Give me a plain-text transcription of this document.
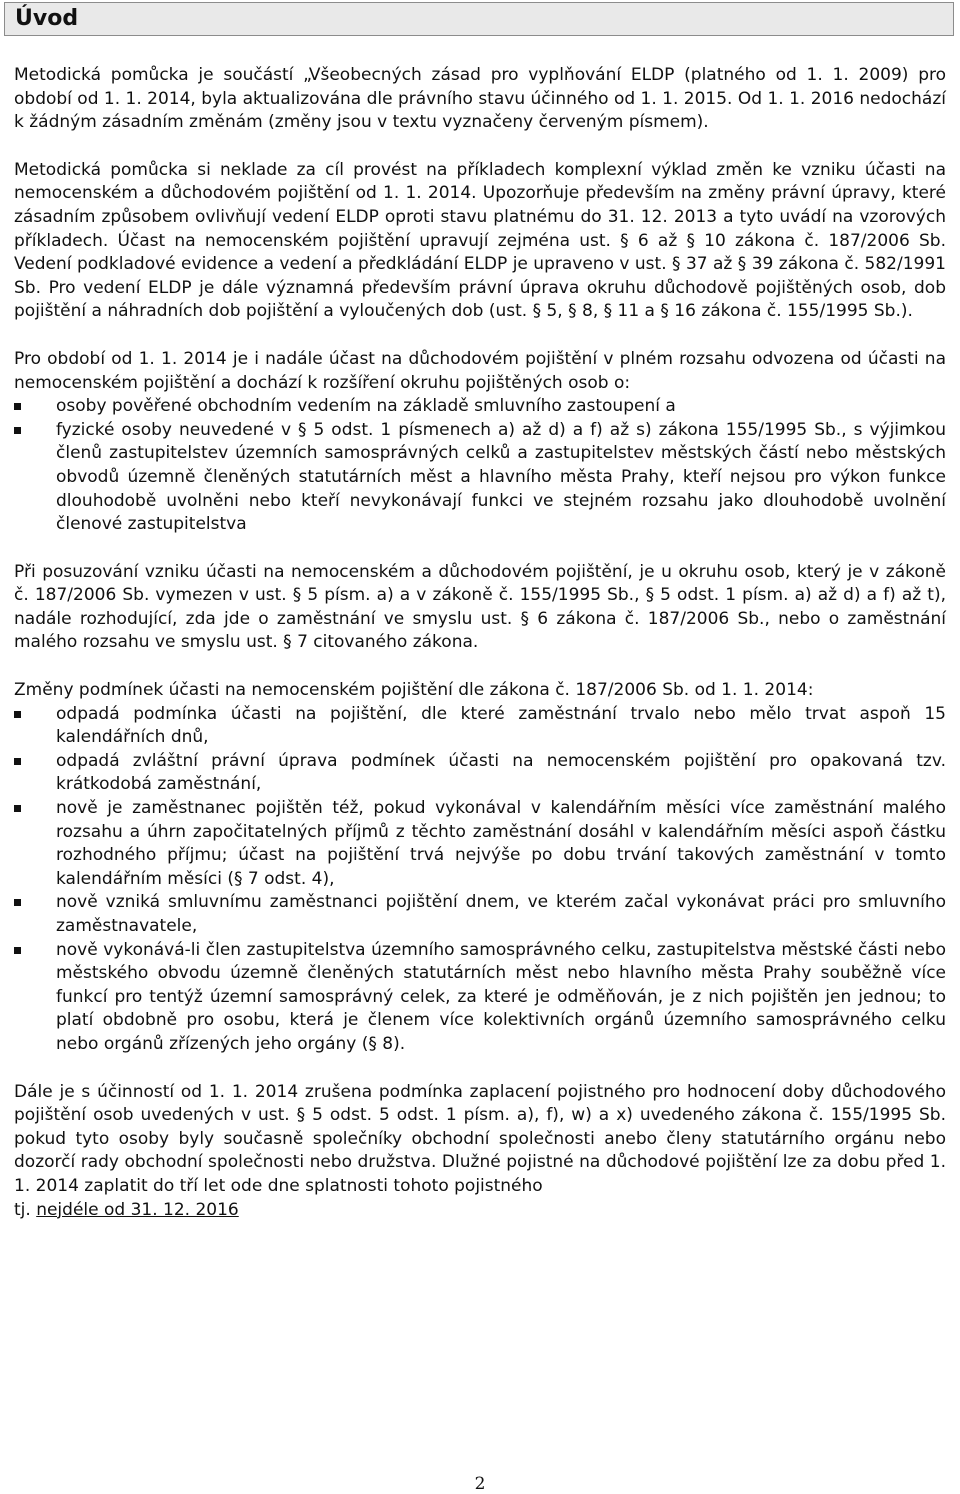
Úvod

Metodická pomůcka je součástí „Všeobecných zásad pro vyplňování ELDP (platného od 1. 1. 2009) pro období od 1. 1. 2014, byla aktualizována dle právního stavu účinného od 1. 1. 2015. Od 1. 1. 2016 nedochází k žádným zásadním změnám (změny jsou v textu vyznačeny červeným písmem).

Metodická pomůcka si neklade za cíl provést na příkladech komplexní výklad změn ke vzniku účasti na nemocenském a důchodovém pojištění od 1. 1. 2014. Upozorňuje především na změny právní úpravy, které zásadním způsobem ovlivňují vedení ELDP oproti stavu platnému do 31. 12. 2013 a tyto uvádí na vzorových příkladech. Účast na nemocenském pojištění upravují zejména ust. § 6 až § 10 zákona č. 187/2006 Sb. Vedení podkladové evidence a vedení a předkládání ELDP je upraveno v ust. § 37 až § 39 zákona č. 582/1991 Sb. Pro vedení ELDP je dále významná především právní úprava okruhu důchodově pojištěných osob, dob pojištění a náhradních dob pojištění a vyloučených dob (ust. § 5, § 8, § 11 a § 16 zákona č. 155/1995 Sb.).

Pro období od 1. 1. 2014 je i nadále účast na důchodovém pojištění v plném rozsahu odvozena od účasti na nemocenském pojištění a dochází k rozšíření okruhu pojištěných osob o:

osoby pověřené obchodním vedením na základě smluvního zastoupení a
fyzické osoby neuvedené v § 5 odst. 1 písmenech a) až d) a f) až s) zákona 155/1995 Sb., s výjimkou členů zastupitelstev územních samosprávných celků a zastupitelstev městských částí nebo městských obvodů územně členěných statutárních měst a hlavního města Prahy, kteří nejsou pro výkon funkce dlouhodobě uvolněni nebo kteří nevykonávají funkci ve stejném rozsahu jako dlouhodobě uvolnění členové zastupitelstva

Při posuzování vzniku účasti na nemocenském a důchodovém pojištění, je u okruhu osob, který je v zákoně č. 187/2006 Sb. vymezen v ust. § 5 písm. a) a v zákoně č. 155/1995 Sb., § 5 odst. 1 písm. a) až d) a f) až t), nadále rozhodující, zda jde o zaměstnání ve smyslu ust. § 6 zákona č. 187/2006 Sb., nebo o zaměstnání malého rozsahu ve smyslu ust. § 7 citovaného zákona.

Změny podmínek účasti na nemocenském pojištění dle zákona č. 187/2006 Sb. od 1. 1. 2014:

odpadá podmínka účasti na pojištění, dle které zaměstnání trvalo nebo mělo trvat aspoň 15 kalendářních dnů,
odpadá zvláštní právní úprava podmínek účasti na nemocenském pojištění pro opakovaná tzv. krátkodobá zaměstnání,
nově je zaměstnanec pojištěn též, pokud vykonával v kalendářním měsíci více zaměstnání malého rozsahu a úhrn započitatelných příjmů z těchto zaměstnání dosáhl v kalendářním měsíci aspoň částku rozhodného příjmu; účast na pojištění trvá nejvýše po dobu trvání takových zaměstnání v tomto kalendářním měsíci (§ 7 odst. 4),
nově vzniká smluvnímu zaměstnanci pojištění dnem, ve kterém začal vykonávat práci pro smluvního zaměstnavatele,
nově vykonává-li člen zastupitelstva územního samosprávného celku, zastupitelstva městské části nebo městského obvodu územně členěných statutárních měst nebo hlavního města Prahy souběžně více funkcí pro tentýž územní samosprávný celek, za které je odměňován, je z nich pojištěn jen jednou; to platí obdobně pro osobu, která je členem více kolektivních orgánů územního samosprávného celku nebo orgánů zřízených jeho orgány (§ 8).

Dále je s účinností od 1. 1. 2014 zrušena podmínka zaplacení pojistného pro hodnocení doby důchodového pojištění osob uvedených v ust. § 5 odst. 5 odst. 1 písm. a), f), w) a x) uvedeného zákona č. 155/1995 Sb. pokud tyto osoby byly současně společníky obchodní společnosti anebo členy statutárního orgánu nebo dozorčí rady obchodní společnosti nebo družstva. Dlužné pojistné na důchodové pojištění lze za dobu před 1. 1. 2014 zaplatit do tří let ode dne splatnosti tohoto pojistného
tj. nejdéle od 31. 12. 2016

2
